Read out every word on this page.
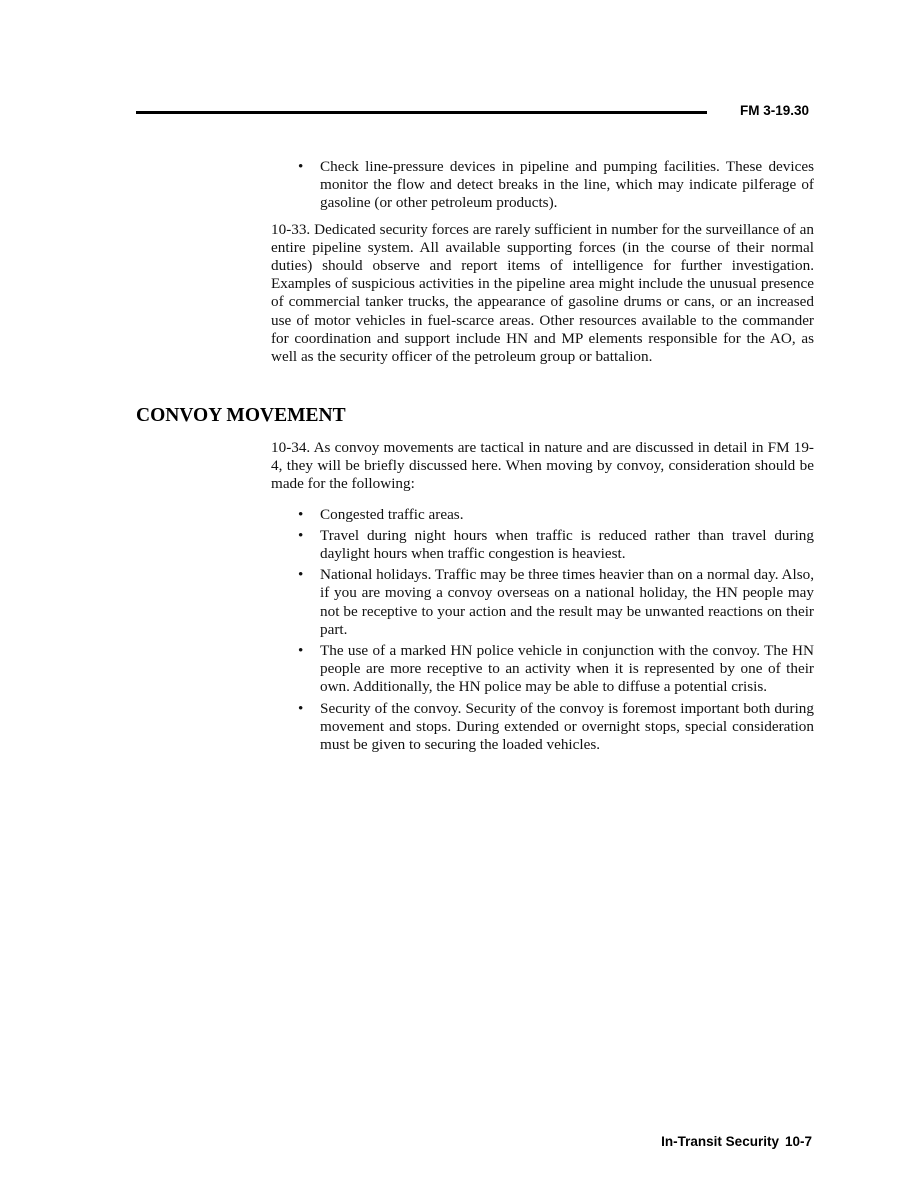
FM 3-19.30
• Check line-pressure devices in pipeline and pumping facilities. These devices monitor the flow and detect breaks in the line, which may indicate pilferage of gasoline (or other petroleum products).

10-33. Dedicated security forces are rarely sufficient in number for the surveillance of an entire pipeline system. All available supporting forces (in the course of their normal duties) should observe and report items of intelligence for further investigation. Examples of suspicious activities in the pipeline area might include the unusual presence of commercial tanker trucks, the appearance of gasoline drums or cans, or an increased use of motor vehicles in fuel-scarce areas. Other resources available to the commander for coordination and support include HN and MP elements responsible for the AO, as well as the security officer of the petroleum group or battalion.

CONVOY MOVEMENT

10-34. As convoy movements are tactical in nature and are discussed in detail in FM 19-4, they will be briefly discussed here. When moving by convoy, consideration should be made for the following:

• Congested traffic areas.
• Travel during night hours when traffic is reduced rather than travel during daylight hours when traffic congestion is heaviest.
• National holidays. Traffic may be three times heavier than on a normal day. Also, if you are moving a convoy overseas on a national holiday, the HN people may not be receptive to your action and the result may be unwanted reactions on their part.
• The use of a marked HN police vehicle in conjunction with the convoy. The HN people are more receptive to an activity when it is represented by one of their own. Additionally, the HN police may be able to diffuse a potential crisis.
• Security of the convoy. Security of the convoy is foremost important both during movement and stops. During extended or overnight stops, special consideration must be given to securing the loaded vehicles.
In-Transit Security 10-7
